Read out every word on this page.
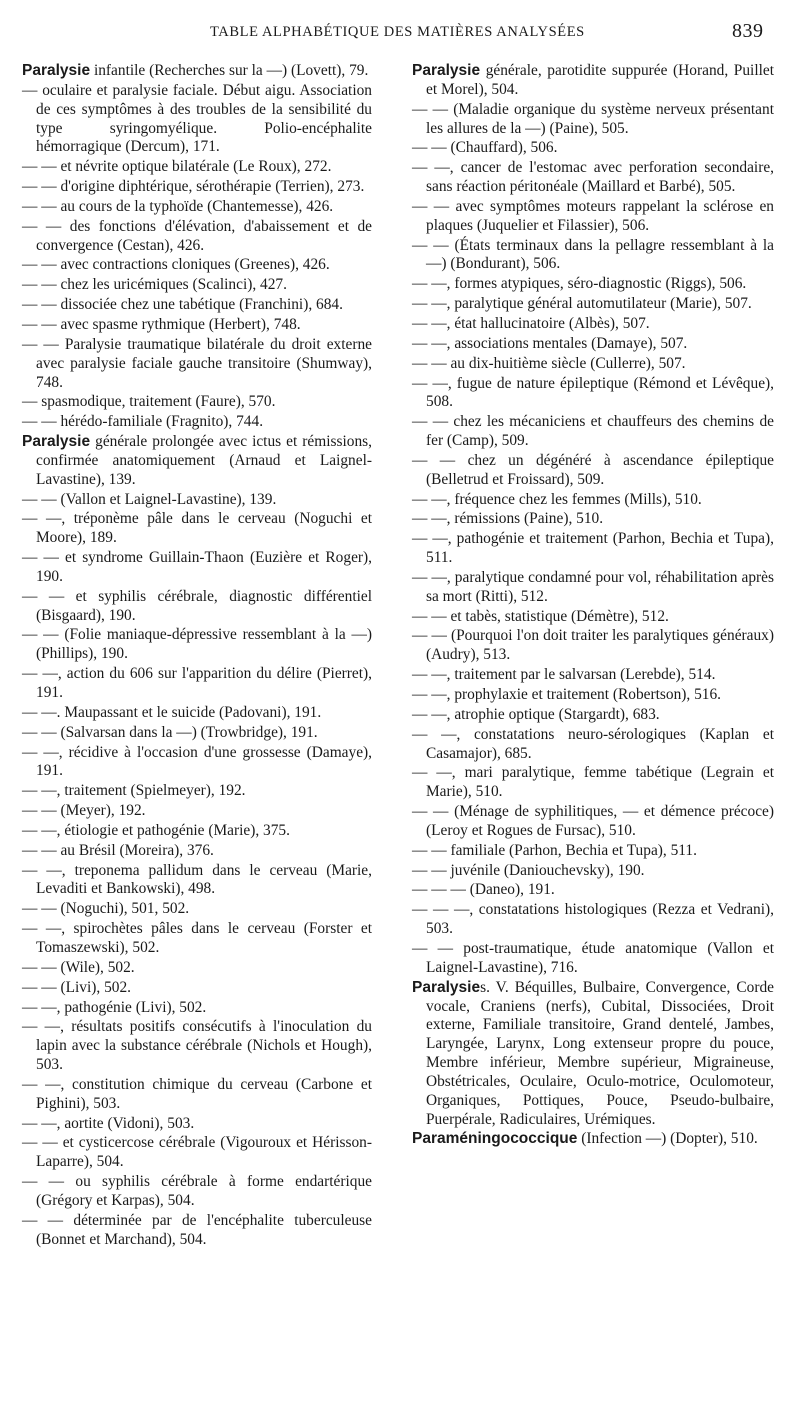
TABLE ALPHABÉTIQUE DES MATIÈRES ANALYSÉES	839
Paralysie infantile (Recherches sur la —) (Lovett), 79.
— oculaire et paralysie faciale. Début aigu. Association de ces symptômes à des troubles de la sensibilité du type syringomyélique. Polio-encéphalite hémorragique (Dercum), 171.
— — et névrite optique bilatérale (Le Roux), 272.
— — d'origine diphtérique, sérothérapie (Terrien), 273.
— — au cours de la typhoïde (Chantemesse), 426.
— — des fonctions d'élévation, d'abaissement et de convergence (Cestan), 426.
— — avec contractions cloniques (Greenes), 426.
— — chez les uricémiques (Scalinci), 427.
— — dissociée chez une tabétique (Franchini), 684.
— — avec spasme rythmique (Herbert), 748.
— — Paralysie traumatique bilatérale du droit externe avec paralysie faciale gauche transitoire (Shumway), 748.
— spasmodique, traitement (Faure), 570.
— — hérédo-familiale (Fragnito), 744.
Paralysie générale prolongée avec ictus et rémissions, confirmée anatomiquement (Arnaud et Laignel-Lavastine), 139.
— — (Vallon et Laignel-Lavastine), 139.
— —, tréponème pâle dans le cerveau (Noguchi et Moore), 189.
— — et syndrome Guillain-Thaon (Euzière et Roger), 190.
— — et syphilis cérébrale, diagnostic différentiel (Bisgaard), 190.
— — (Folie maniaque-dépressive ressemblant à la —) (Phillips), 190.
— —, action du 606 sur l'apparition du délire (Pierret), 191.
— —. Maupassant et le suicide (Padovani), 191.
— — (Salvarsan dans la —) (Trowbridge), 191.
— —, récidive à l'occasion d'une grossesse (Damaye), 191.
— —, traitement (Spielmeyer), 192.
— — (Meyer), 192.
— —, étiologie et pathogénie (Marie), 375.
— — au Brésil (Moreira), 376.
— —, treponema pallidum dans le cerveau (Marie, Levaditi et Bankowski), 498.
— — (Noguchi), 501, 502.
— —, spirochètes pâles dans le cerveau (Forster et Tomaszewski), 502.
— — (Wile), 502.
— — (Livi), 502.
— —, pathogénie (Livi), 502.
— —, résultats positifs consécutifs à l'inoculation du lapin avec la substance cérébrale (Nichols et Hough), 503.
— —, constitution chimique du cerveau (Carbone et Pighini), 503.
— —, aortite (Vidoni), 503.
— — et cysticercose cérébrale (Vigouroux et Hérisson-Laparre), 504.
— — ou syphilis cérébrale à forme endartérique (Grégory et Karpas), 504.
— — déterminée par de l'encéphalite tuberculeuse (Bonnet et Marchand), 504.
Paralysie générale, parotidite suppurée (Horand, Puillet et Morel), 504.
— — (Maladie organique du système nerveux présentant les allures de la —) (Paine), 505.
— — (Chauffard), 506.
— —, cancer de l'estomac avec perforation secondaire, sans réaction péritonéale (Maillard et Barbé), 505.
— — avec symptômes moteurs rappelant la sclérose en plaques (Juquelier et Filassier), 506.
— — (États terminaux dans la pellagre ressemblant à la —) (Bondurant), 506.
— —, formes atypiques, séro-diagnostic (Riggs), 506.
— —, paralytique général automutilateur (Marie), 507.
— —, état hallucinatoire (Albès), 507.
— —, associations mentales (Damaye), 507.
— — au dix-huitième siècle (Cullerre), 507.
— —, fugue de nature épileptique (Rémond et Lévêque), 508.
— — chez les mécaniciens et chauffeurs des chemins de fer (Camp), 509.
— — chez un dégénéré à ascendance épileptique (Belletrud et Froissard), 509.
— —, fréquence chez les femmes (Mills), 510.
— —, rémissions (Paine), 510.
— —, pathogénie et traitement (Parhon, Bechia et Tupa), 511.
— —, paralytique condamné pour vol, réhabilitation après sa mort (Ritti), 512.
— — et tabès, statistique (Démètre), 512.
— — (Pourquoi l'on doit traiter les paralytiques généraux) (Audry), 513.
— —, traitement par le salvarsan (Lerebde), 514.
— —, prophylaxie et traitement (Robertson), 516.
— —, atrophie optique (Stargardt), 683.
— —, constatations neuro-sérologiques (Kaplan et Casamajor), 685.
— —, mari paralytique, femme tabétique (Legrain et Marie), 510.
— — (Ménage de syphilitiques, — et démence précoce) (Leroy et Rogues de Fursac), 510.
— — familiale (Parhon, Bechia et Tupa), 511.
— — juvénile (Daniouchevsky), 190.
— — — (Daneo), 191.
— — —, constatations histologiques (Rezza et Vedrani), 503.
— — post-traumatique, étude anatomique (Vallon et Laignel-Lavastine), 716.
Paralysies. V. Béquilles, Bulbaire, Convergence, Corde vocale, Craniens (nerfs), Cubital, Dissociées, Droit externe, Familiale transitoire, Grand dentelé, Jambes, Laryngée, Larynx, Long extenseur propre du pouce, Membre inférieur, Membre supérieur, Migraineuse, Obstétricales, Oculaire, Oculo-motrice, Oculomoteur, Organiques, Pottiques, Pouce, Pseudo-bulbaire, Puerpérale, Radiculaires, Urémiques.
Paraméningococcique (Infection —) (Dopter), 510.
